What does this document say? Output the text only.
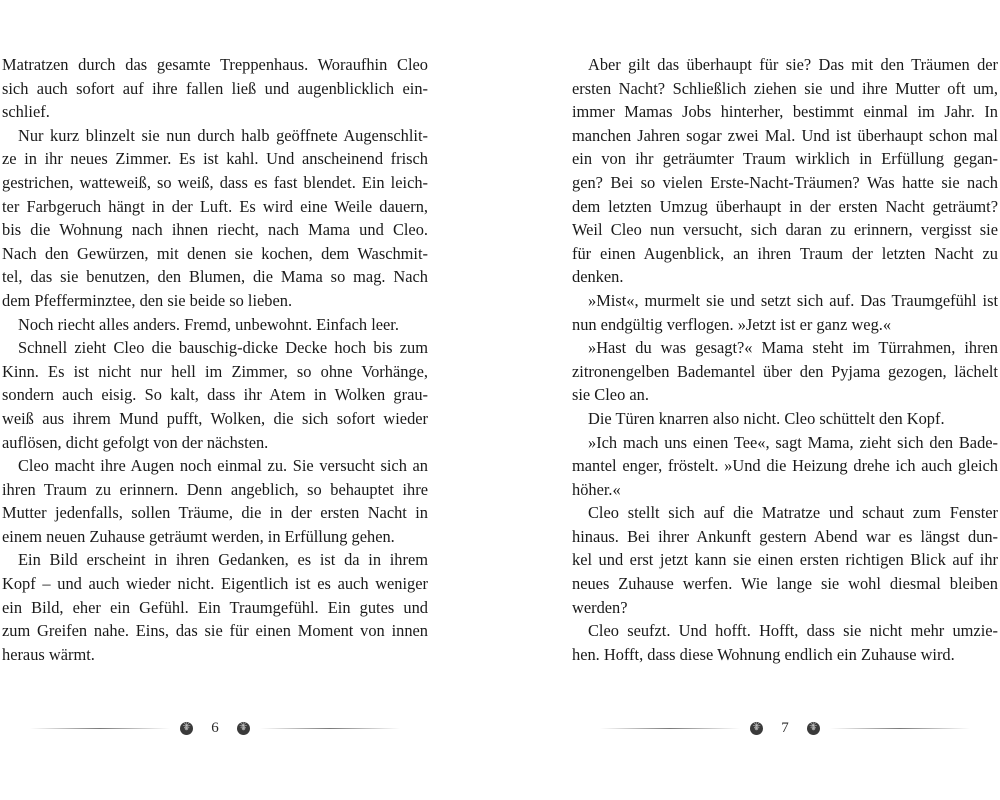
Matratzen durch das gesamte Treppenhaus. Woraufhin Cleo
sich auch sofort auf ihre fallen ließ und augenblicklich ein-
schlief.

Nur kurz blinzelt sie nun durch halb geöffnete Augenschlit-
ze in ihr neues Zimmer. Es ist kahl. Und anscheinend frisch
gestrichen, watteweiß, so weiß, dass es fast blendet. Ein leich-
ter Farbgeruch hängt in der Luft. Es wird eine Weile dauern,
bis die Wohnung nach ihnen riecht, nach Mama und Cleo.
Nach den Gewürzen, mit denen sie kochen, dem Waschmit-
tel, das sie benutzen, den Blumen, die Mama so mag. Nach
dem Pfefferminztee, den sie beide so lieben.

Noch riecht alles anders. Fremd, unbewohnt. Einfach leer.

Schnell zieht Cleo die bauschig-dicke Decke hoch bis zum
Kinn. Es ist nicht nur hell im Zimmer, so ohne Vorhänge,
sondern auch eisig. So kalt, dass ihr Atem in Wolken grau-
weiß aus ihrem Mund pufft, Wolken, die sich sofort wieder
auflösen, dicht gefolgt von der nächsten.

Cleo macht ihre Augen noch einmal zu. Sie versucht sich an
ihren Traum zu erinnern. Denn angeblich, so behauptet ihre
Mutter jedenfalls, sollen Träume, die in der ersten Nacht in
einem neuen Zuhause geträumt werden, in Erfüllung gehen.

Ein Bild erscheint in ihren Gedanken, es ist da in ihrem
Kopf – und auch wieder nicht. Eigentlich ist es auch weniger
ein Bild, eher ein Gefühl. Ein Traumgefühl. Ein gutes und
zum Greifen nahe. Eins, das sie für einen Moment von innen
heraus wärmt.

Aber gilt das überhaupt für sie? Das mit den Träumen der
ersten Nacht? Schließlich ziehen sie und ihre Mutter oft um,
immer Mamas Jobs hinterher, bestimmt einmal im Jahr. In
manchen Jahren sogar zwei Mal. Und ist überhaupt schon mal
ein von ihr geträumter Traum wirklich in Erfüllung gegan-
gen? Bei so vielen Erste-Nacht-Träumen? Was hatte sie nach
dem letzten Umzug überhaupt in der ersten Nacht geträumt?
Weil Cleo nun versucht, sich daran zu erinnern, vergisst sie
für einen Augenblick, an ihren Traum der letzten Nacht zu
denken.

»Mist«, murmelt sie und setzt sich auf. Das Traumgefühl ist
nun endgültig verflogen. »Jetzt ist er ganz weg.«

»Hast du was gesagt?« Mama steht im Türrahmen, ihren
zitronengelben Bademantel über den Pyjama gezogen, lächelt
sie Cleo an.

Die Türen knarren also nicht. Cleo schüttelt den Kopf.

»Ich mach uns einen Tee«, sagt Mama, zieht sich den Bade-
mantel enger, fröstelt. »Und die Heizung drehe ich auch gleich
höher.«

Cleo stellt sich auf die Matratze und schaut zum Fenster
hinaus. Bei ihrer Ankunft gestern Abend war es längst dun-
kel und erst jetzt kann sie einen ersten richtigen Blick auf ihr
neues Zuhause werfen. Wie lange sie wohl diesmal bleiben
werden?

Cleo seufzt. Und hofft. Hofft, dass sie nicht mehr umzie-
hen. Hofft, dass diese Wohnung endlich ein Zuhause wird.

✳
6 ✳ ✳	7
✳
